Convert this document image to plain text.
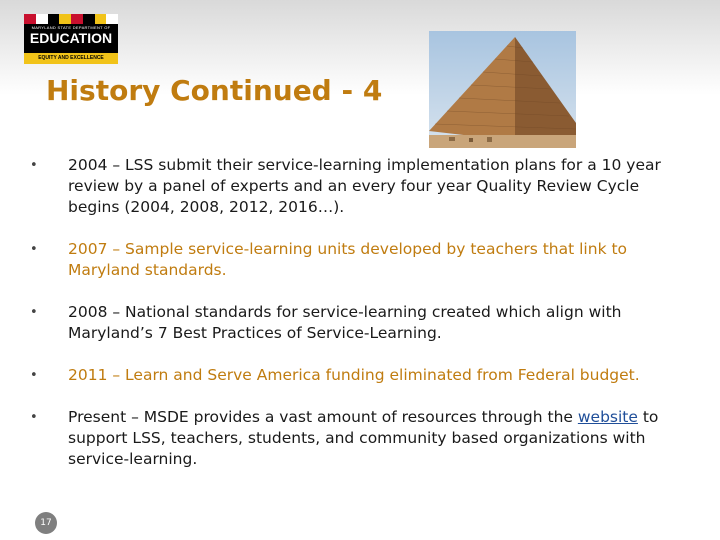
MARYLAND STATE DEPARTMENT OF
EDUCATION
EQUITY AND EXCELLENCE
History Continued - 4
• 2004 – LSS submit their service-learning implementation plans for a 10 year review by a panel of experts and an every four year Quality Review Cycle begins (2004, 2008, 2012, 2016…).
• 2007 – Sample service-learning units developed by teachers that link to Maryland standards.
• 2008 – National standards for service-learning created which align with Maryland’s 7 Best Practices of Service-Learning.
• 2011 – Learn and Serve America funding eliminated from Federal budget.
• Present – MSDE provides a vast amount of resources through the website to support LSS, teachers, students, and community based organizations with service-learning.
17
